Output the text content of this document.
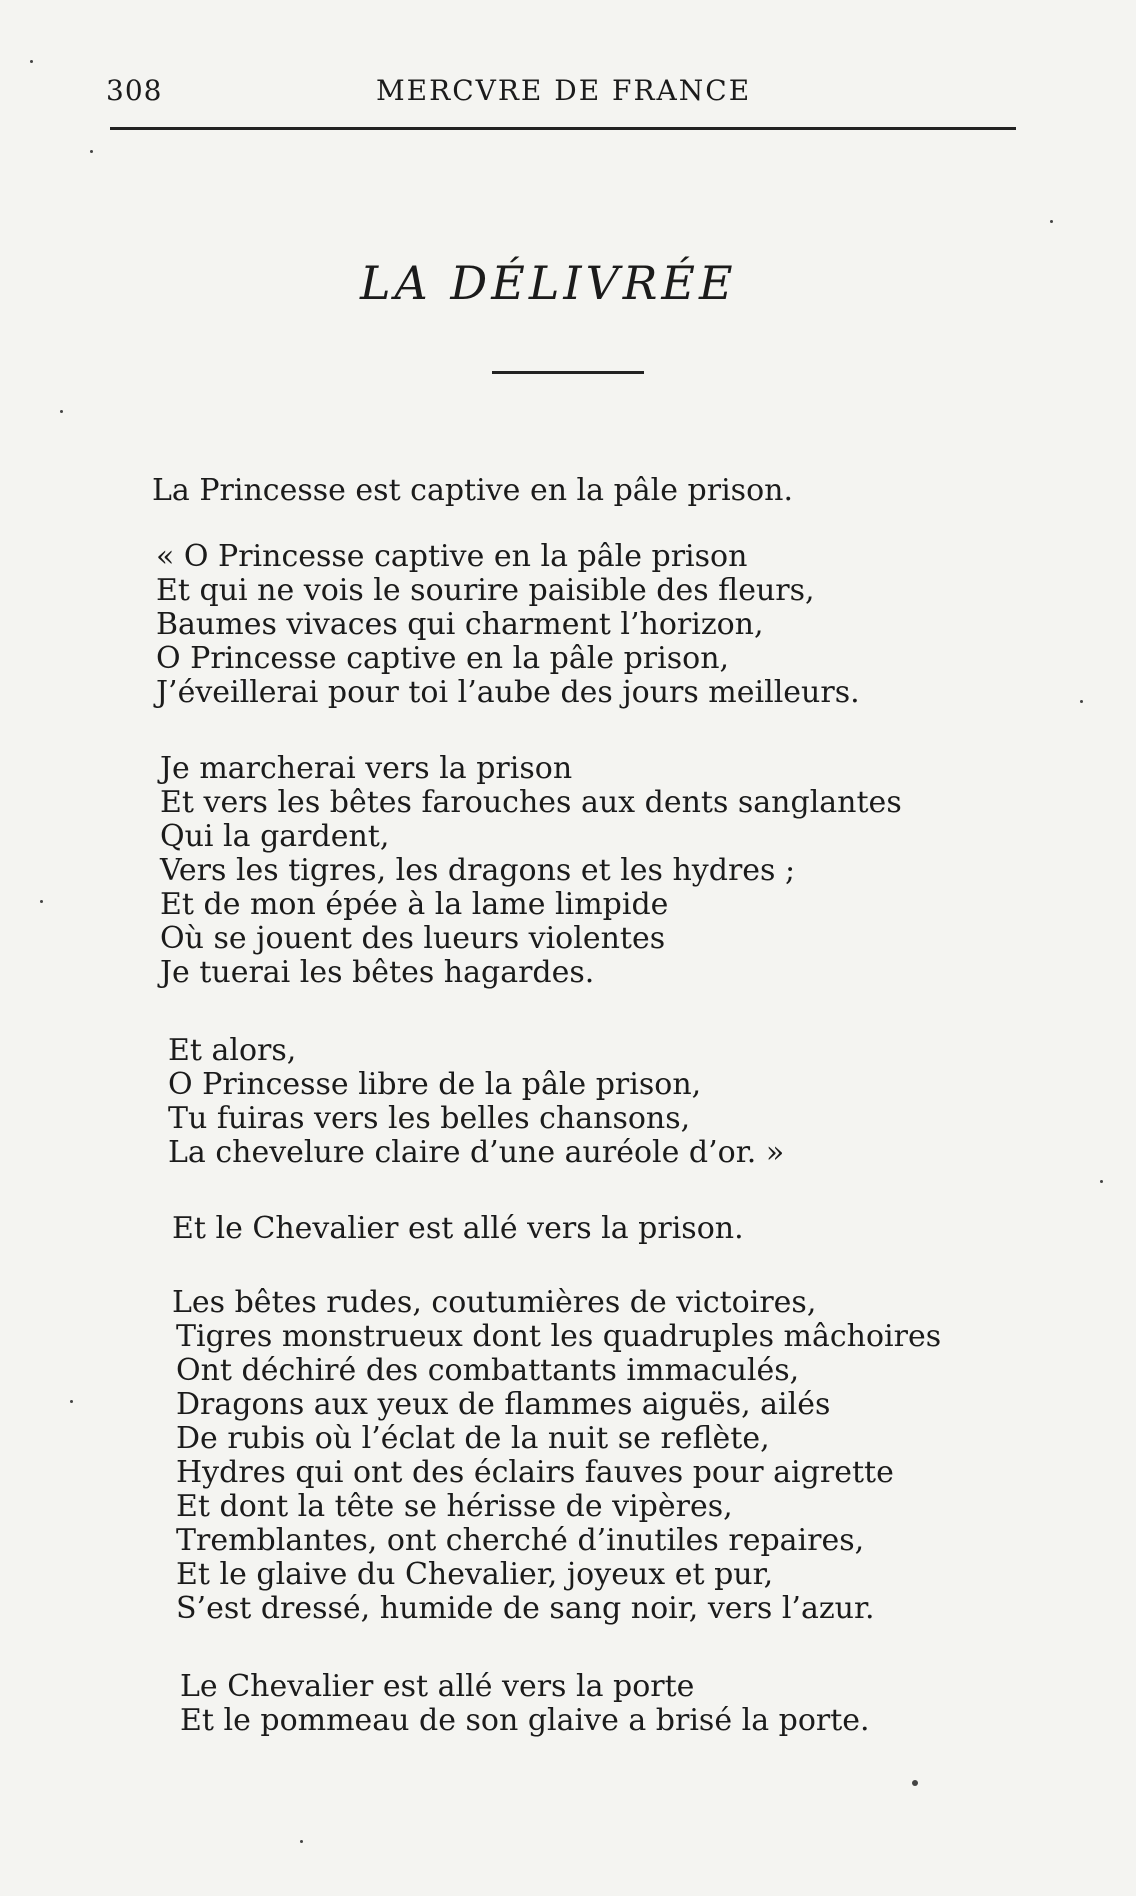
308	MERCVRE DE FRANCE
LA DÉLIVRÉE
La Princesse est captive en la pâle prison.
« O Princesse captive en la pâle prison
Et qui ne vois le sourire paisible des fleurs,
Baumes vivaces qui charment l’horizon,
O Princesse captive en la pâle prison,
J’éveillerai pour toi l’aube des jours meilleurs.
Je marcherai vers la prison
Et vers les bêtes farouches aux dents sanglantes
Qui la gardent,
Vers les tigres, les dragons et les hydres ;
Et de mon épée à la lame limpide
Où se jouent des lueurs violentes
Je tuerai les bêtes hagardes.
Et alors,
O Princesse libre de la pâle prison,
Tu fuiras vers les belles chansons,
La chevelure claire d’une auréole d’or. »
Et le Chevalier est allé vers la prison.
Les bêtes rudes, coutumières de victoires,
Tigres monstrueux dont les quadruples mâchoires
Ont déchiré des combattants immaculés,
Dragons aux yeux de flammes aiguës, ailés
De rubis où l’éclat de la nuit se reflète,
Hydres qui ont des éclairs fauves pour aigrette
Et dont la tête se hérisse de vipères,
Tremblantes, ont cherché d’inutiles repaires,
Et le glaive du Chevalier, joyeux et pur,
S’est dressé, humide de sang noir, vers l’azur.
Le Chevalier est allé vers la porte
Et le pommeau de son glaive a brisé la porte.
